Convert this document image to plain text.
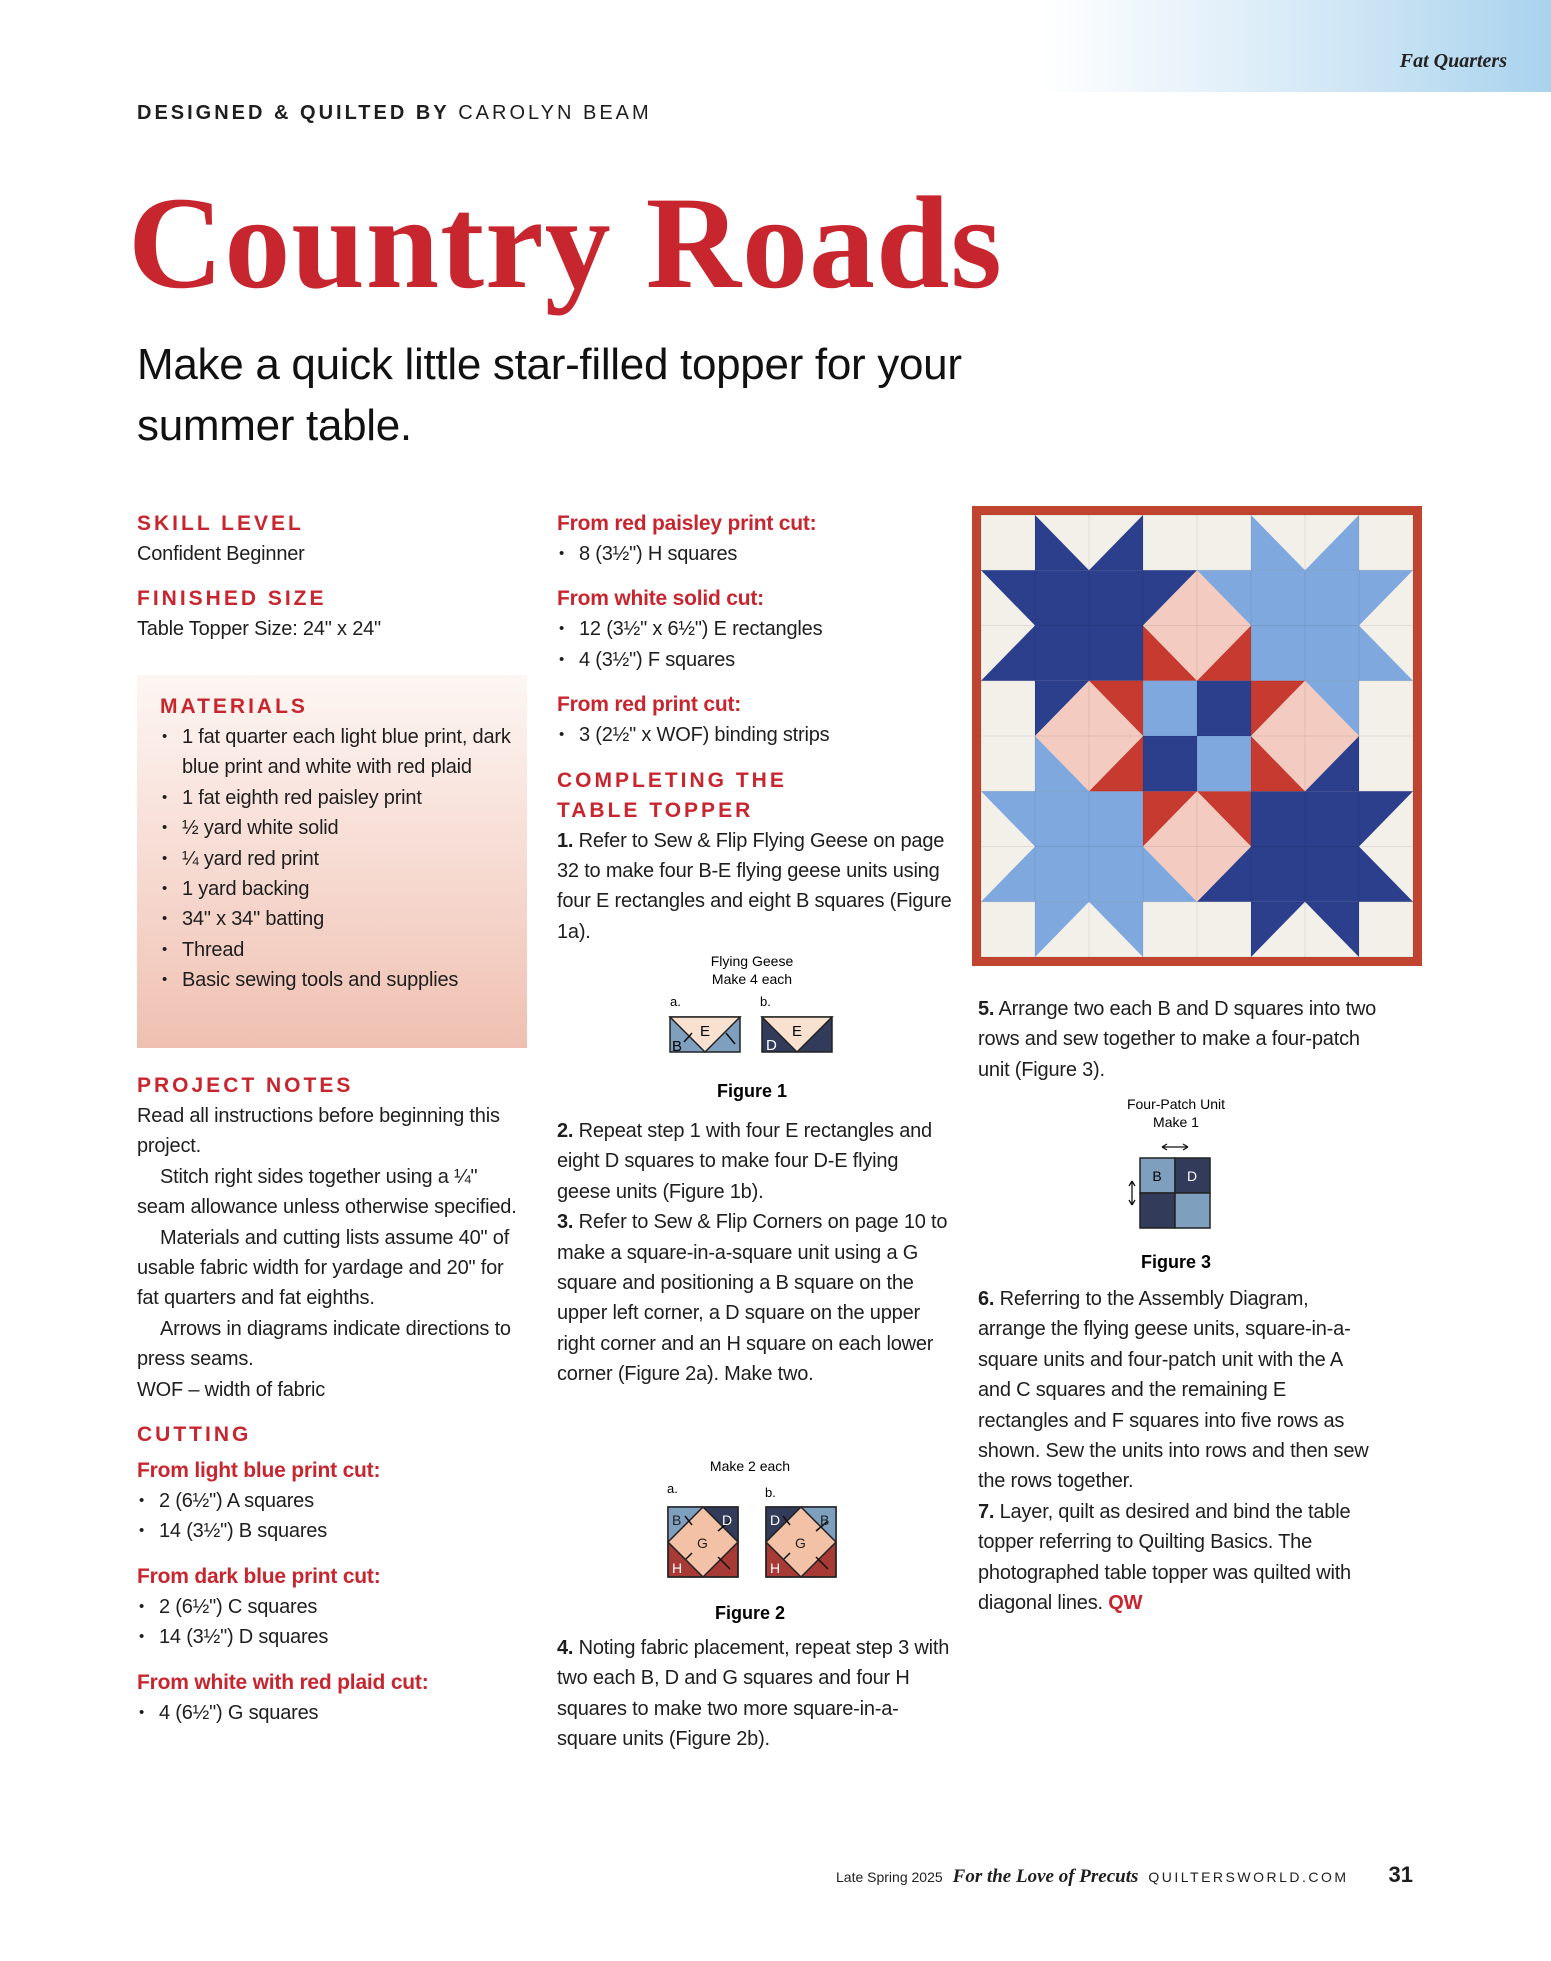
Fat Quarters
DESIGNED & QUILTED BY CAROLYN BEAM
Country Roads
Make a quick little star-filled topper for your
summer table.
SKILL LEVEL
Confident Beginner
FINISHED SIZE
Table Topper Size: 24" x 24"
MATERIALS
• 1 fat quarter each light blue print, dark blue print and white with red plaid
• 1 fat eighth red paisley print
• ½ yard white solid
• ¼ yard red print
• 1 yard backing
• 34" x 34" batting
• Thread
• Basic sewing tools and supplies
PROJECT NOTES

Read all instructions before beginning this project.

Stitch right sides together using a ¼" seam allowance unless otherwise specified.

Materials and cutting lists assume 40" of usable fabric width for yardage and 20" for fat quarters and fat eighths.

Arrows in diagrams indicate directions to press seams.

WOF – width of fabric

CUTTING
From light blue print cut:
• 2 (6½") A squares
• 14 (3½") B squares
From dark blue print cut:
• 2 (6½") C squares
• 14 (3½") D squares
From white with red plaid cut:
• 4 (6½") G squares
From red paisley print cut:
• 8 (3½") H squares
From white solid cut:
• 12 (3½" x 6½") E rectangles
• 4 (3½") F squares
From red print cut:
• 3 (2½" x WOF) binding strips
COMPLETING THE
TABLE TOPPER

1. Refer to Sew & Flip Flying Geese on page 32 to make four B-E flying geese units using four E rectangles and eight B squares (Figure 1a).

Flying Geese
Make 4 each
a.	b.
E
B
E
D
Figure 1

2. Repeat step 1 with four E rectangles and eight D squares to make four D-E flying geese units (Figure 1b).

3. Refer to Sew & Flip Corners on page 10 to make a square-in-a-square unit using a G square and positioning a B square on the upper left corner, a D square on the upper right corner and an H square on each lower corner (Figure 2a). Make two.

Make 2 each
a.	b.
B	D
G
H
D	B
G
H
Figure 2

4. Noting fabric placement, repeat step 3 with two each B, D and G squares and four H squares to make two more square-in-a-square units (Figure 2b).

5. Arrange two each B and D squares into two rows and sew together to make a four-patch unit (Figure 3).

Four-Patch Unit
Make 1
B D
Figure 3

6. Referring to the Assembly Diagram, arrange the flying geese units, square-in-a-square units and four-patch unit with the A and C squares and the remaining E rectangles and F squares into five rows as shown. Sew the units into rows and then sew the rows together.

7. Layer, quilt as desired and bind the table topper referring to Quilting Basics. The photographed table topper was quilted with diagonal lines. QW

Late Spring 2025 For the Love of Precuts QUILTERSWORLD.COM 31
